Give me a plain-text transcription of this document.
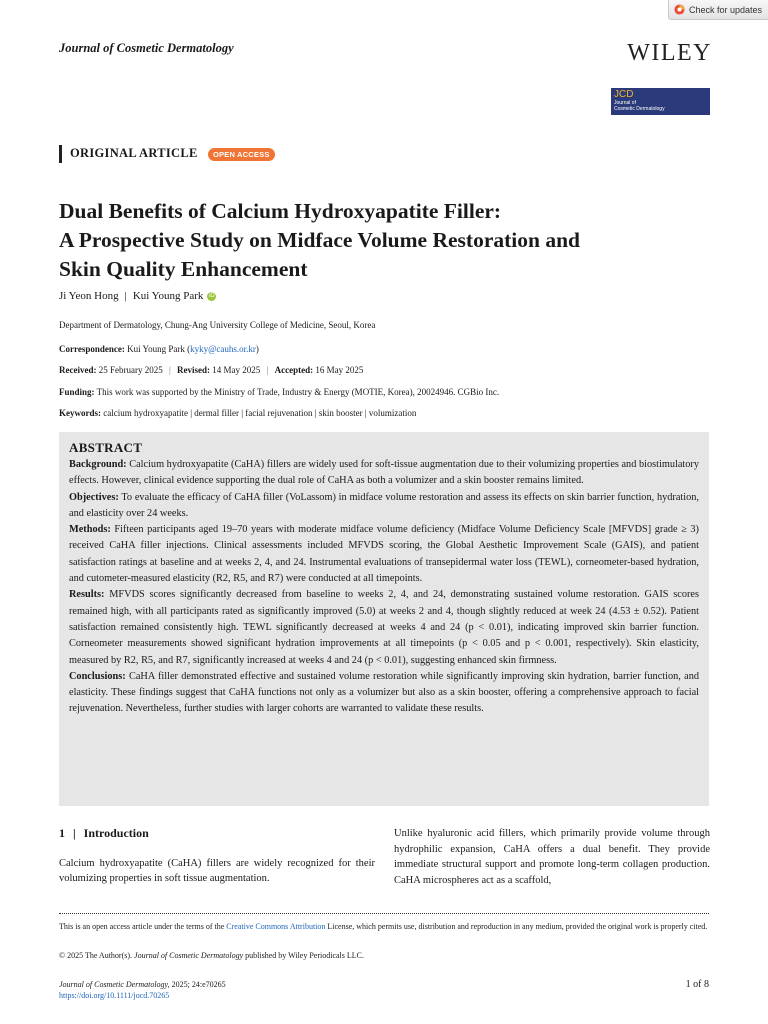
Check for updates
Journal of Cosmetic Dermatology	WILEY
JCD
Journal of
Cosmetic Dermatology
ORIGINAL ARTICLE	OPEN ACCESS
Dual Benefits of Calcium Hydroxyapatite Filler:
A Prospective Study on Midface Volume Restoration and
Skin Quality Enhancement
Ji Yeon Hong | Kui Young Park iD
Department of Dermatology, Chung-Ang University College of Medicine, Seoul, Korea
Correspondence: Kui Young Park (kyky@cauhs.or.kr)
Received: 25 February 2025 | Revised: 14 May 2025 | Accepted: 16 May 2025
Funding: This work was supported by the Ministry of Trade, Industry & Energy (MOTIE, Korea), 20024946. CGBio Inc.
Keywords: calcium hydroxyapatite | dermal filler | facial rejuvenation | skin booster | volumization
ABSTRACT

Background: Calcium hydroxyapatite (CaHA) fillers are widely used for soft-tissue augmentation due to their volumizing properties and biostimulatory effects. However, clinical evidence supporting the dual role of CaHA as both a volumizer and a skin booster remains limited.

Objectives: To evaluate the efficacy of CaHA filler (VoLassom) in midface volume restoration and assess its effects on skin barrier function, hydration, and elasticity over 24 weeks.

Methods: Fifteen participants aged 19–70 years with moderate midface volume deficiency (Midface Volume Deficiency Scale [MFVDS] grade ≥ 3) received CaHA filler injections. Clinical assessments included MFVDS scoring, the Global Aesthetic Improvement Scale (GAIS), and patient satisfaction ratings at baseline and at weeks 2, 4, and 24. Instrumental evaluations of transepidermal water loss (TEWL), corneometer-based hydration, and cutometer-measured elasticity (R2, R5, and R7) were conducted at all timepoints.

Results: MFVDS scores significantly decreased from baseline to weeks 2, 4, and 24, demonstrating sustained volume restoration. GAIS scores remained high, with all participants rated as significantly improved (5.0) at weeks 2 and 4, though slightly reduced at week 24 (4.53 ± 0.52). Patient satisfaction remained consistently high. TEWL significantly decreased at weeks 4 and 24 (p < 0.01), indicating improved skin barrier function. Corneometer measurements showed significant hydration improvements at all timepoints (p < 0.05 and p < 0.001, respectively). Skin elasticity, measured by R2, R5, and R7, significantly increased at weeks 4 and 24 (p < 0.01), suggesting enhanced skin firmness.

Conclusions: CaHA filler demonstrated effective and sustained volume restoration while significantly improving skin hydration, barrier function, and elasticity. These findings suggest that CaHA functions not only as a volumizer but also as a skin booster, offering a comprehensive approach to facial rejuvenation. Nevertheless, further studies with larger cohorts are warranted to validate these results.

1 | Introduction
Calcium hydroxyapatite (CaHA) fillers are widely recognized for their volumizing properties in soft tissue augmentation.
Unlike hyaluronic acid fillers, which primarily provide volume through hydrophilic expansion, CaHA offers a dual benefit. They provide immediate structural support and promote long-term collagen production. CaHA microspheres act as a scaffold,
This is an open access article under the terms of the Creative Commons Attribution License, which permits use, distribution and reproduction in any medium, provided the original work is properly cited.
© 2025 The Author(s). Journal of Cosmetic Dermatology published by Wiley Periodicals LLC.
Journal of Cosmetic Dermatology, 2025; 24:e70265
https://doi.org/10.1111/jocd.70265
1 of 8
